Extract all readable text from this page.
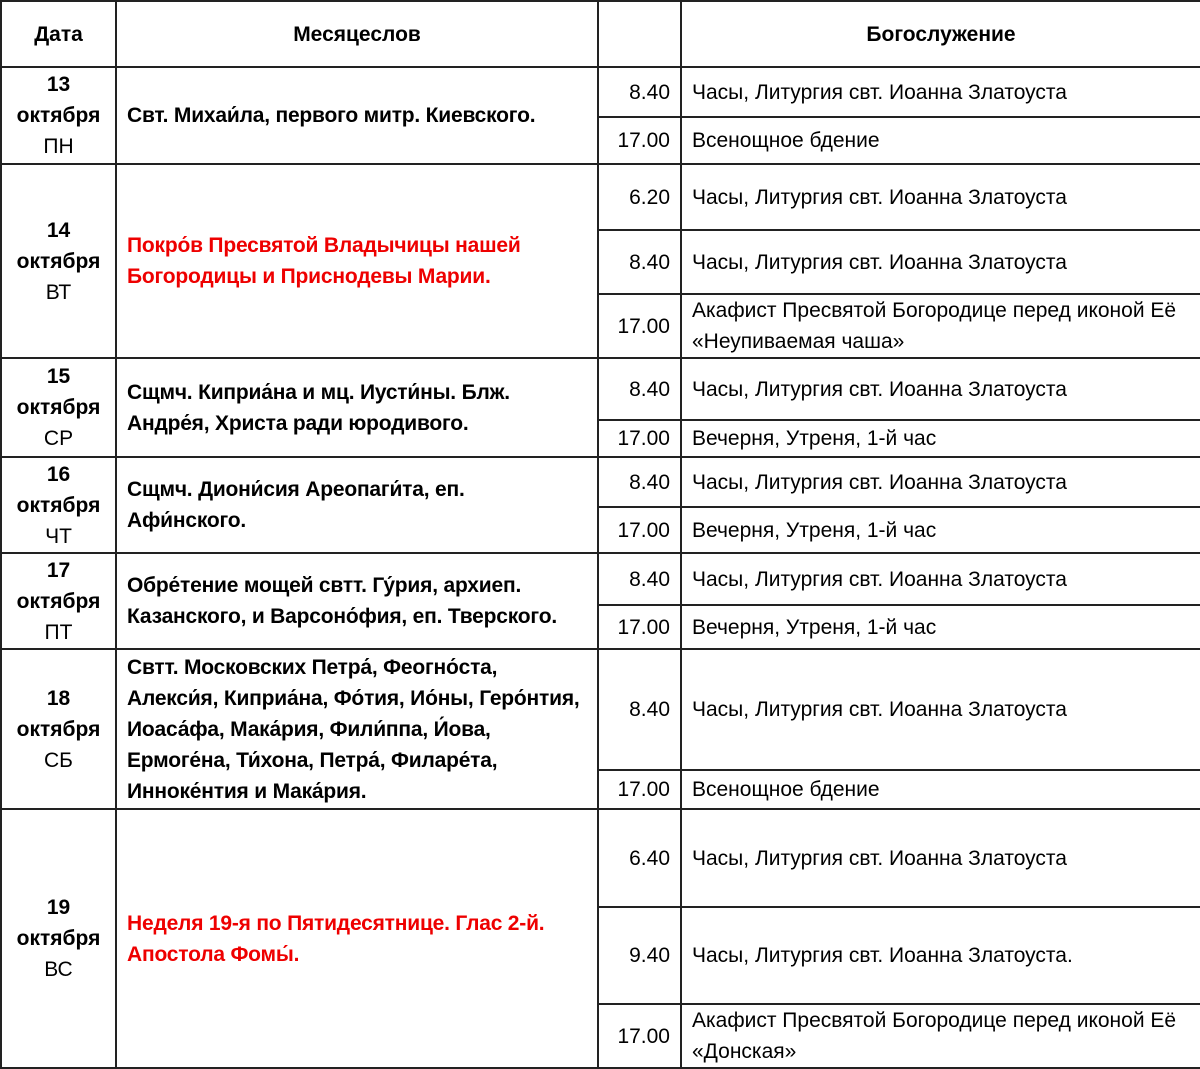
Дата	Месяцеслов		Богослужение

13
октября
ПН	Свт. Михаи́ла, первого митр. Киевского.	8.40	Часы, Литургия свт. Иоанна Златоуста
		17.00	Всенощное бдение

14
октября
ВТ	Покро́в Пресвятой Владычицы нашей Богородицы и Приснодевы Марии.	6.20	Часы, Литургия свт. Иоанна Златоуста
		8.40	Часы, Литургия свт. Иоанна Златоуста
		17.00	Акафист Пресвятой Богородице перед иконой Её «Неупиваемая чаша»

15
октября
СР	Сщмч. Киприа́на и мц. Иусти́ны. Блж. Андре́я, Христа ради юродивого.	8.40	Часы, Литургия свт. Иоанна Златоуста
		17.00	Вечерня, Утреня, 1-й час

16
октября
ЧТ	Сщмч. Диони́сия Ареопаги́та, еп. Афи́нского.	8.40	Часы, Литургия свт. Иоанна Златоуста
		17.00	Вечерня, Утреня, 1-й час

17
октября
ПТ	Обре́тение мощей свтт. Гу́рия, архиеп. Казанского, и Варсоно́фия, еп. Тверского.	8.40	Часы, Литургия свт. Иоанна Златоуста
		17.00	Вечерня, Утреня, 1-й час

18
октября
СБ	Свтт. Московских Петра́, Феогно́ста, Алекси́я, Киприа́на, Фо́тия, Ио́ны, Геро́нтия, Иоаса́фа, Мака́рия, Фили́ппа, И́ова, Ермоге́на, Ти́хона, Петра́, Филаре́та, Инноке́нтия и Мака́рия.	8.40	Часы, Литургия свт. Иоанна Златоуста
		17.00	Всенощное бдение

19
октября
ВС	Неделя 19-я по Пятидесятнице. Глас 2-й. Апостола Фомы́.	6.40	Часы, Литургия свт. Иоанна Златоуста
		9.40	Часы, Литургия свт. Иоанна Златоуста.
		17.00	Акафист Пресвятой Богородице перед иконой Её «Донская»
